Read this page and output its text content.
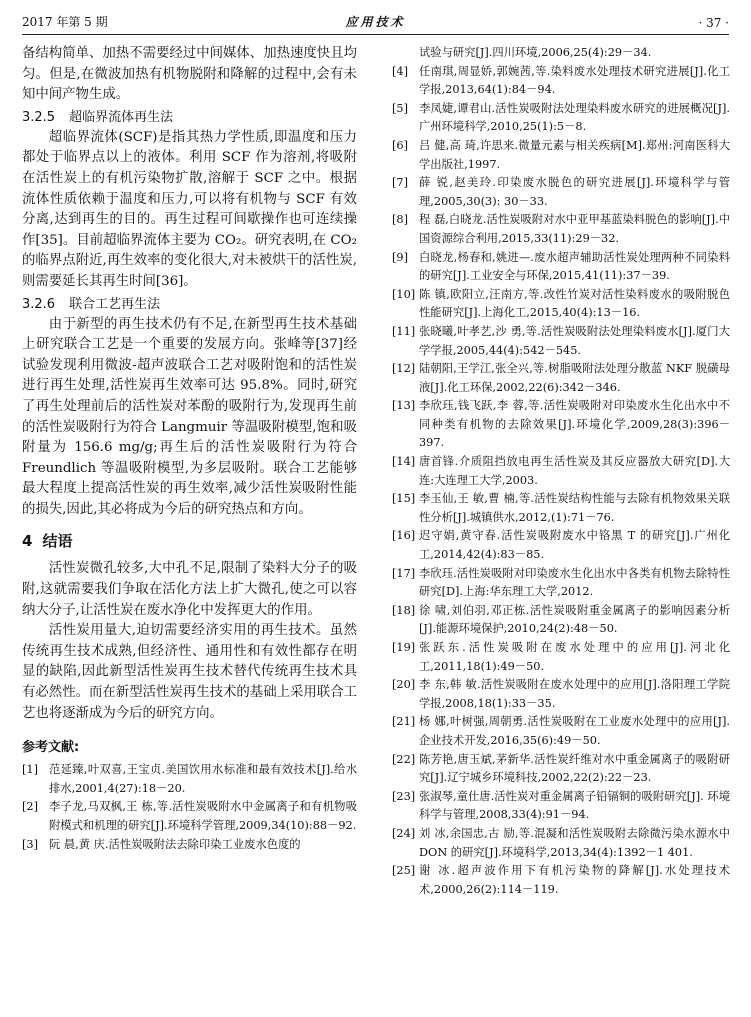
2017 年第 5 期	应用技术	· 37 ·

备结构简单、加热不需要经过中间媒体、加热速度快且均匀。但是,在微波加热有机物脱附和降解的过程中,会有未知中间产物生成。

3.2.5 超临界流体再生法

超临界流体(SCF)是指其热力学性质,即温度和压力都处于临界点以上的液体。利用 SCF 作为溶剂,将吸附在活性炭上的有机污染物扩散,溶解于 SCF 之中。根据流体性质依赖于温度和压力,可以将有机物与 SCF 有效分离,达到再生的目的。再生过程可间歇操作也可连续操作[35]。目前超临界流体主要为 CO₂。研究表明,在 CO₂ 的临界点附近,再生效率的变化很大,对未被烘干的活性炭,则需要延长其再生时间[36]。

3.2.6 联合工艺再生法

由于新型的再生技术仍有不足,在新型再生技术基础上研究联合工艺是一个重要的发展方向。张峰等[37]经试验发现利用微波-超声波联合工艺对吸附饱和的活性炭进行再生处理,活性炭再生效率可达 95.8%。同时,研究了再生处理前后的活性炭对苯酚的吸附行为,发现再生前的活性炭吸附行为符合 Langmuir 等温吸附模型,饱和吸附量为 156.6 mg/g;再生后的活性炭吸附行为符合 Freundlich 等温吸附模型,为多层吸附。联合工艺能够最大程度上提高活性炭的再生效率,减少活性炭吸附性能的损失,因此,其必将成为今后的研究热点和方向。

4 结语

活性炭微孔较多,大中孔不足,限制了染料大分子的吸附,这就需要我们争取在活化方法上扩大微孔,使之可以容纳大分子,让活性炭在废水净化中发挥更大的作用。

活性炭用量大,迫切需要经济实用的再生技术。虽然传统再生技术成熟,但经济性、通用性和有效性都存在明显的缺陷,因此新型活性炭再生技术替代传统再生技术具有必然性。而在新型活性炭再生技术的基础上采用联合工艺也将逐渐成为今后的研究方向。

参考文献:

[1] 范延臻,叶双喜,王宝贞.美国饮用水标准和最有效技术[J].给水排水,2001,4(27):18－20.

[2] 李子龙,马双枫,王 栋,等.活性炭吸附水中金属离子和有机物吸附模式和机理的研究[J].环境科学管理,2009,34(10):88－92.

[3] 阮 晨,黄 庆.活性炭吸附法去除印染工业废水色度的

试验与研究[J].四川环境,2006,25(4):29－34.

[4] 任南琪,周显娇,郭婉茜,等.染料废水处理技术研究进展[J].化工学报,2013,64(1):84－94.

[5] 李凤婕,谭君山.活性炭吸附法处理染料废水研究的进展概况[J].广州环境科学,2010,25(1):5－8.

[6] 吕 健,高 琦,许思来.微量元素与相关疾病[M].郑州:河南医科大学出版社,1997.

[7] 薛 锐,赵美玲.印染废水脱色的研究进展[J].环境科学与管理,2005,30(3): 30－33.

[8] 程 磊,白晓龙.活性炭吸附对水中亚甲基蓝染料脱色的影响[J].中国资源综合利用,2015,33(11):29－32.

[9] 白晓龙,杨春和,姚进—.废水超声辅助活性炭处理两种不同染料的研究[J].工业安全与环保,2015,41(11):37－39.

[10] 陈 镇,欧阳立,汪南方,等.改性竹炭对活性染料废水的吸附脱色性能研究[J].上海化工,2015,40(4):13－16.

[11] 张晓曦,叶孝艺,沙 勇,等.活性炭吸附法处理染料废水[J].厦门大学学报,2005,44(4):542－545.

[12] 陆朝阳,王学江,张全兴,等.树脂吸附法处理分散蓝 NKF 脱磺母液[J].化工环保,2002,22(6):342－346.

[13] 李欣珏,钱飞跃,李 蓉,等.活性炭吸附对印染废水生化出水中不同种类有机物的去除效果[J].环境化学,2009,28(3):396－397.

[14] 唐首锋.介质阻挡放电再生活性炭及其反应器放大研究[D].大连:大连理工大学,2003.

[15] 李玉仙,王 敏,曹 楠,等.活性炭结构性能与去除有机物效果关联性分析[J].城镇供水,2012,(1):71－76.

[16] 迟守娟,黄守春.活性炭吸附废水中铬黑 T 的研究[J].广州化工,2014,42(4):83－85.

[17] 李欣珏.活性炭吸附对印染废水生化出水中各类有机物去除特性研究[D].上海:华东理工大学,2012.

[18] 徐 啸,刘伯羽,邓正栋.活性炭吸附重金属离子的影响因素分析[J].能源环境保护,2010,24(2):48－50.

[19] 张跃东.活性炭吸附在废水处理中的应用[J].河北化工,2011,18(1):49－50.

[20] 李 东,韩 敏.活性炭吸附在废水处理中的应用[J].洛阳理工学院学报,2008,18(1):33－35.

[21] 杨 娜,叶树强,周朝勇.活性炭吸附在工业废水处理中的应用[J].企业技术开发,2016,35(6):49－50.

[22] 陈芳艳,唐玉斌,茅新华.活性炭纤维对水中重金属离子的吸附研究[J].辽宁城乡环境科技,2002,22(2):22－23.

[23] 张淑琴,童仕唐.活性炭对重金属离子铅镉铜的吸附研究[J]. 环境科学与管理,2008,33(4):91－94.

[24] 刘 冰,余国忠,古 励,等.混凝和活性炭吸附去除微污染水源水中 DON 的研究[J].环境科学,2013,34(4):1392－1 401.

[25] 谢 冰.超声波作用下有机污染物的降解[J].水处理技术术,2000,26(2):114－119.
